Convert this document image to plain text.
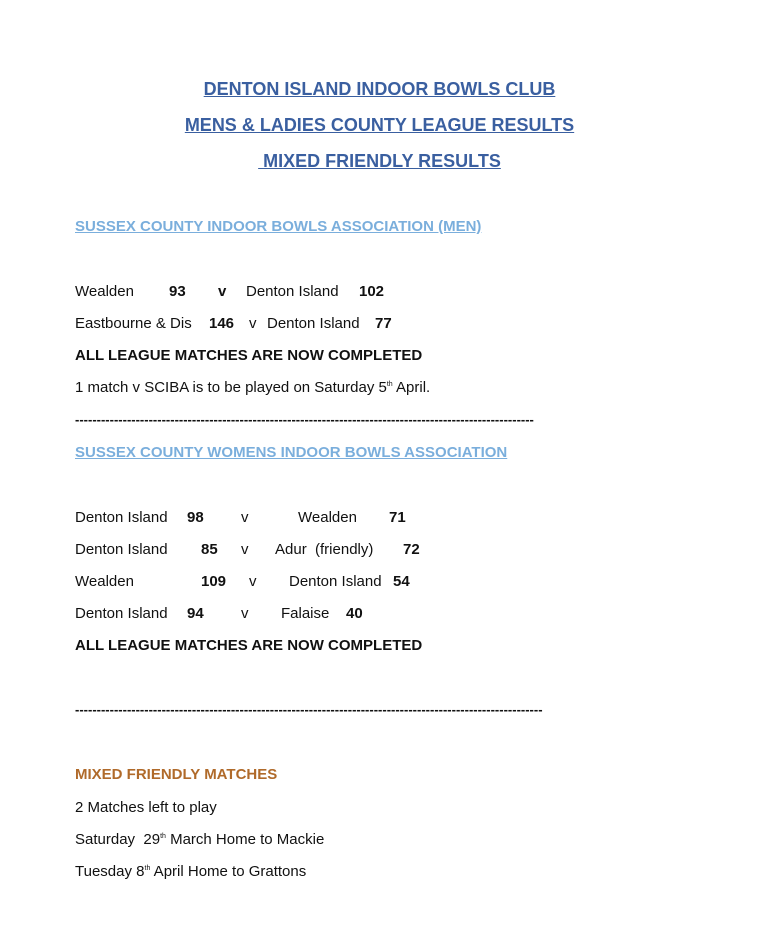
DENTON ISLAND INDOOR BOWLS CLUB
MENS & LADIES COUNTY LEAGUE RESULTS
MIXED FRIENDLY RESULTS
SUSSEX COUNTY INDOOR BOWLS ASSOCIATION (MEN)
Wealden 93 v Denton Island 102
Eastbourne & Dis 146 v Denton Island 77
ALL LEAGUE MATCHES ARE NOW COMPLETED
1 match v SCIBA is to be played on Saturday 5th April.
----------------------------------------------------------------------------------------------------------
SUSSEX COUNTY WOMENS INDOOR BOWLS ASSOCIATION
Denton Island 98 v	Wealden 71
Denton Island 85 v Adur  (friendly) 72
Wealden	109 v Denton Island 54
Denton Island 94 v Falaise 40
ALL LEAGUE MATCHES ARE NOW COMPLETED
------------------------------------------------------------------------------------------------------------
MIXED FRIENDLY MATCHES
2 Matches left to play
Saturday  29th March Home to Mackie
Tuesday 8th April Home to Grattons
